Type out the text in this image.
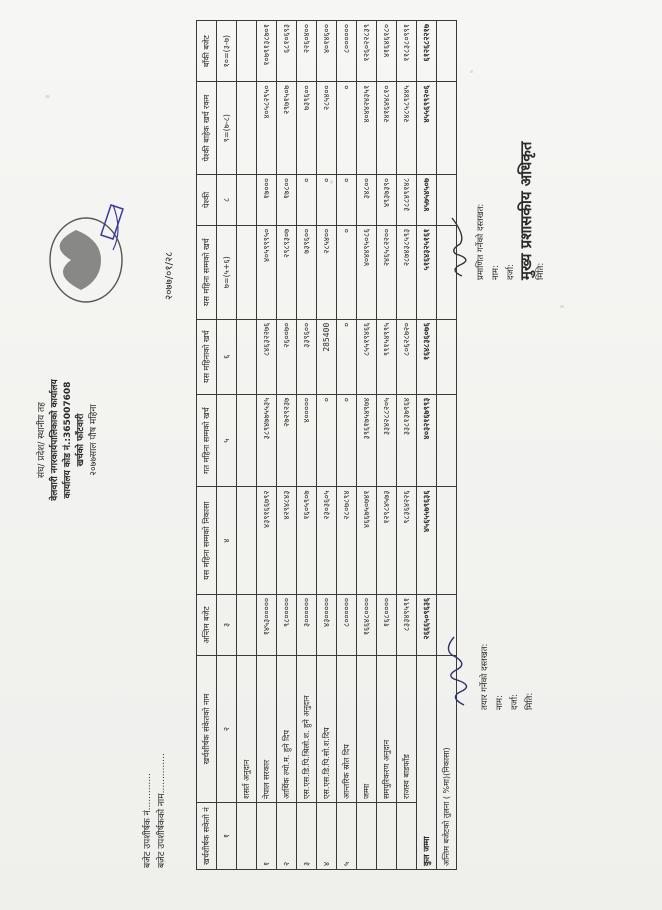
संघ/ प्रदेश/ स्थानीय तह वेलवारी नगरकार्यपालिकाको कार्यालय कार्यालय कोड नं.:365007608 खर्चको फाँटवारी २०७७साल पौष महिना
२०७७/०१/२८
बजेट उपशीर्षक नं............. बजेट उपशीर्षकको नाम..............	खर्चशीर्षक सकेतो नं	खर्चशीर्षक संकेतको नाम	अन्तिम बजेट	यस महिना सम्मको निकासा	गत महिना सम्मको खर्च	यस महिनाको खर्च	यस महिना सम्मको खर्च	पेश्की	पेश्की बाहेक खर्च रकम	बाँकी बजेट
१	२	३	४	५	६	७=(५+६)	८	९=(७-८)	१०=(३-७)
	शसर्त अनुदान								
१	नेपाल सरकार	१४५३०००००	४३९१६६७९२	३८९४७७५५३५	८४६३२२७६	४०५९९९५०	१७०००	४०५८२९५०	१०७९१३८७०१
२	आर्थिक ल्यो.म. हुने दिप	९८०००००	४२९४८४३	२७२९२३७	२६००७०	२९८९३०७	१७८००	२९७१५०७	६८१०६९३
३	एस.एस.डि.पि.श्रिलो.श. हुने अनुदान	३००००००	१६०५९०७	४०००००	३३९६००	७३९६००	०	७३९६००	२२६०४००
४	एस.एस.डि.पि.सो.श.दिप	४३०००००	२३०३६०५	०	285400	२८५४००	०	२८५४००	४०१४६००
५	आन्तरिक स्रोत दिप	८००००००	२८०७८९४	०	०	०	०	०	८००००००
	जम्मा	१६६४८००००	४६६७५०७४१	३९६१७५४९७४	८५५१९४६६	४०४४९५०८६	३४८००	४०४४२४३५१	१२६०२२८३९
	समपुरिकरण अनुदान	१६८००००	१२९८४५७३	३३४२८८२०५	९९१५४९९५	२४६५८२२००	४९३७३९०	२४१६४४८१०	४१६४६१८०
	राजस्व बाडफाँड	८३३४९५९१	९८३६४२२६	३३८१३७९६४	८०६२८७२०	२८७४३८५९३	३८८४९१४८	२४८५८९४४५	११८३८०९९१
कुल जम्मा		२६६६५०९६३६	४५६५५७९६३६	४०३२१६७९९३	१६४८३६०७६	५१६४३२५१६१	४५७५४५०७	४५५६९९२०६	६१२६८२२१७
अन्तिम बजेटको तुलना ( %मा)(निकासा)									
तयार गर्नेको दस्तखत: नाम: दर्जा: मिति:
प्रमाणित गर्नेको दस्तखत: नाम: दर्जा: मुख्य प्रशासकीय अधिकृत मिति:
